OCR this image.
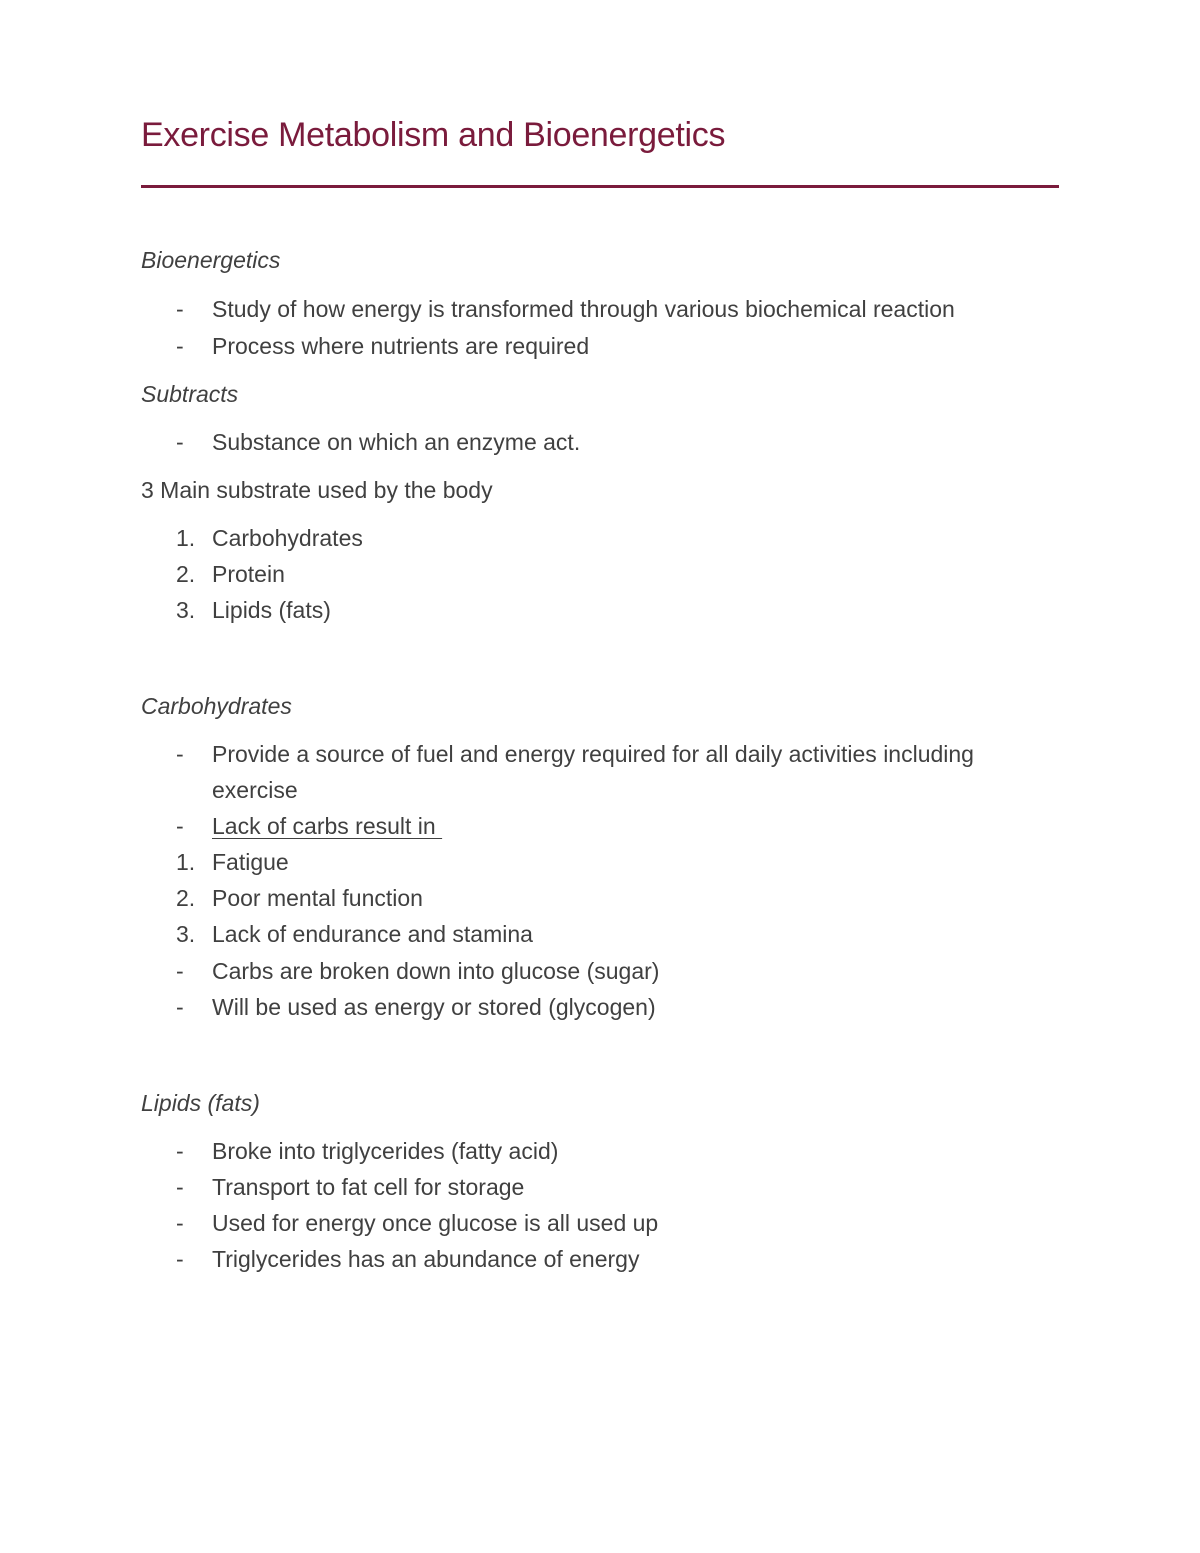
Exercise Metabolism and Bioenergetics
Bioenergetics
- Study of how energy is transformed through various biochemical reaction
- Process where nutrients are required
Subtracts
- Substance on which an enzyme act.
3 Main substrate used by the body
1. Carbohydrates
2. Protein
3. Lipids (fats)
Carbohydrates
- Provide a source of fuel and energy required for all daily activities including
exercise
- Lack of carbs result in
1. Fatigue
2. Poor mental function
3. Lack of endurance and stamina
- Carbs are broken down into glucose (sugar)
- Will be used as energy or stored (glycogen)
Lipids (fats)
- Broke into triglycerides (fatty acid)
- Transport to fat cell for storage
- Used for energy once glucose is all used up
- Triglycerides has an abundance of energy
